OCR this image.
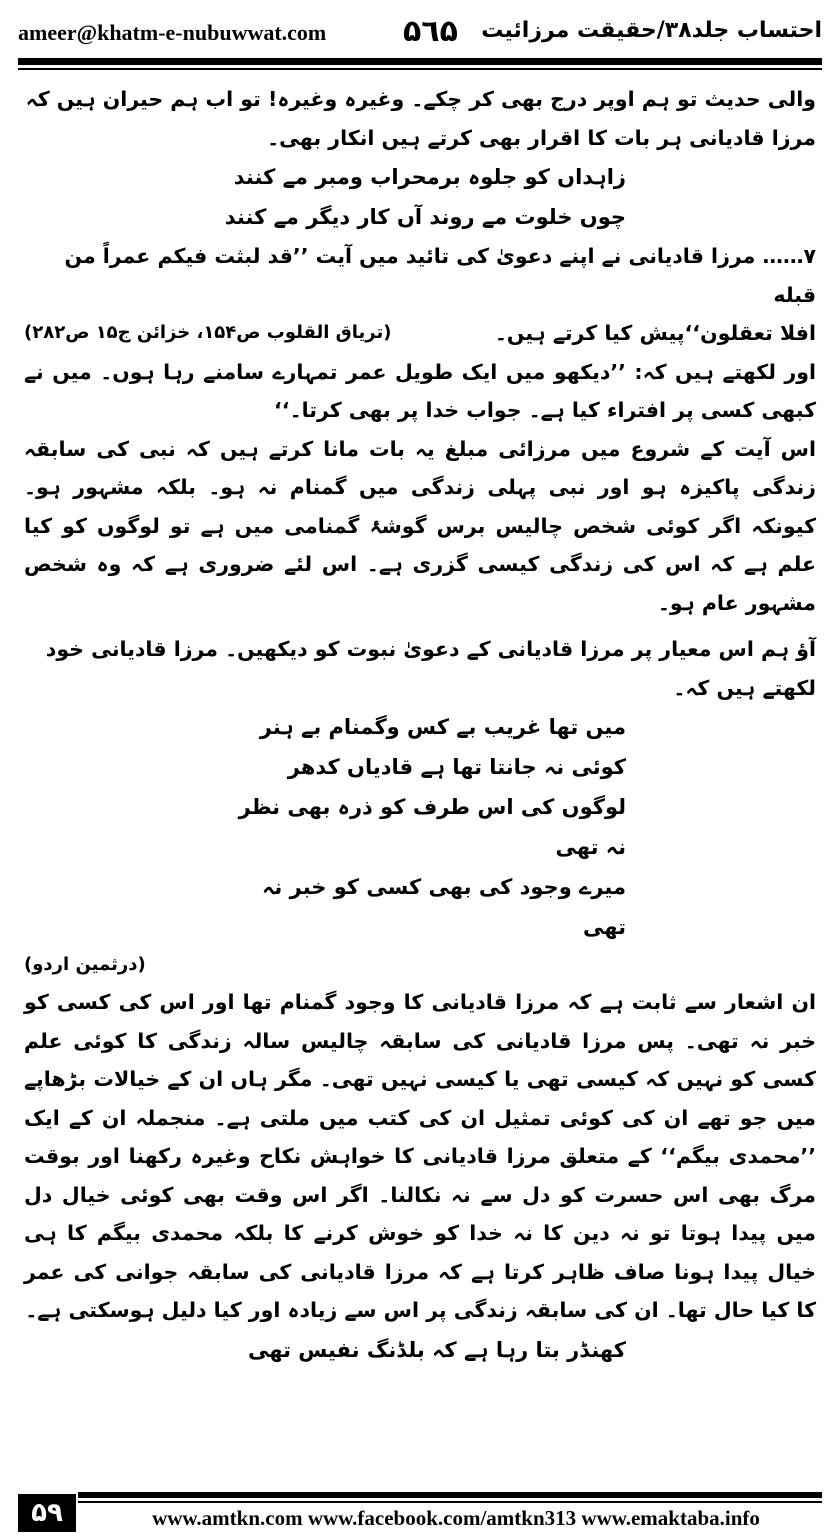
ameer@khatm-e-nubuwwat.com	۵٦۵ احتساب جلد۳۸/حقیقت مرزائیت

والی حدیث تو ہم اوپر درج بھی کر چکے۔ وغیرہ وغیرہ! تو اب ہم حیران ہیں کہ مرزا قادیانی ہر بات کا اقرار بھی کرتے ہیں انکار بھی۔

زاہداں کو جلوہ برمحراب ومبر مے کنند

چوں خلوت مے روند آں کار دیگر مے کنند

۷…… مرزا قادیانی نے اپنے دعویٰ کی تائید میں آیت ’’قد لبثت فیکم عمراً من قبله

افلا تعقلون‘‘پیش کیا کرتے ہیں۔
(تریاق القلوب ص۱۵۴، خزائن ج۱۵ ص۲۸۲)

اور لکھتے ہیں کہ: ’’دیکھو میں ایک طویل عمر تمہارے سامنے رہا ہوں۔ میں نے کبھی کسی پر افتراء کیا ہے۔ جواب خدا پر بھی کرتا۔‘‘

اس آیت کے شروع میں مرزائی مبلغ یہ بات مانا کرتے ہیں کہ نبی کی سابقہ زندگی پاکیزہ ہو اور نبی پہلی زندگی میں گمنام نہ ہو۔ بلکہ مشہور ہو۔ کیونکہ اگر کوئی شخص چالیس برس گوشۂ گمنامی میں ہے تو لوگوں کو کیا علم ہے کہ اس کی زندگی کیسی گزری ہے۔ اس لئے ضروری ہے کہ وہ شخص مشہور عام ہو۔

آؤ ہم اس معیار پر مرزا قادیانی کے دعویٰ نبوت کو دیکھیں۔ مرزا قادیانی خود لکھتے ہیں کہ۔

میں تھا غریب بے کس وگمنام بے ہنر

کوئی نہ جانتا تھا ہے قادیاں کدھر

لوگوں کی اس طرف کو ذرہ بھی نظر نہ تھی

میرے وجود کی بھی کسی کو خبر نہ تھی

(درثمین اردو)

ان اشعار سے ثابت ہے کہ مرزا قادیانی کا وجود گمنام تھا اور اس کی کسی کو خبر نہ تھی۔ پس مرزا قادیانی کی سابقہ چالیس سالہ زندگی کا کوئی علم کسی کو نہیں کہ کیسی تھی یا کیسی نہیں تھی۔ مگر ہاں ان کے خیالات بڑھاپے میں جو تھے ان کی کوئی تمثیل ان کی کتب میں ملتی ہے۔ منجملہ ان کے ایک ’’محمدی بیگم‘‘ کے متعلق مرزا قادیانی کا خواہش نکاح وغیرہ رکھنا اور بوقت مرگ بھی اس حسرت کو دل سے نہ نکالنا۔ اگر اس وقت بھی کوئی خیال دل میں پیدا ہوتا تو نہ دین کا نہ خدا کو خوش کرنے کا بلکہ محمدی بیگم کا ہی خیال پیدا ہونا صاف ظاہر کرتا ہے کہ مرزا قادیانی کی سابقہ جوانی کی عمر کا کیا حال تھا۔ ان کی سابقہ زندگی پر اس سے زیادہ اور کیا دلیل ہوسکتی ہے۔

کھنڈر بتا رہا ہے کہ بلڈنگ نفیس تھی

۵۹	www.amtkn.com www.facebook.com/amtkn313 www.emaktaba.info
